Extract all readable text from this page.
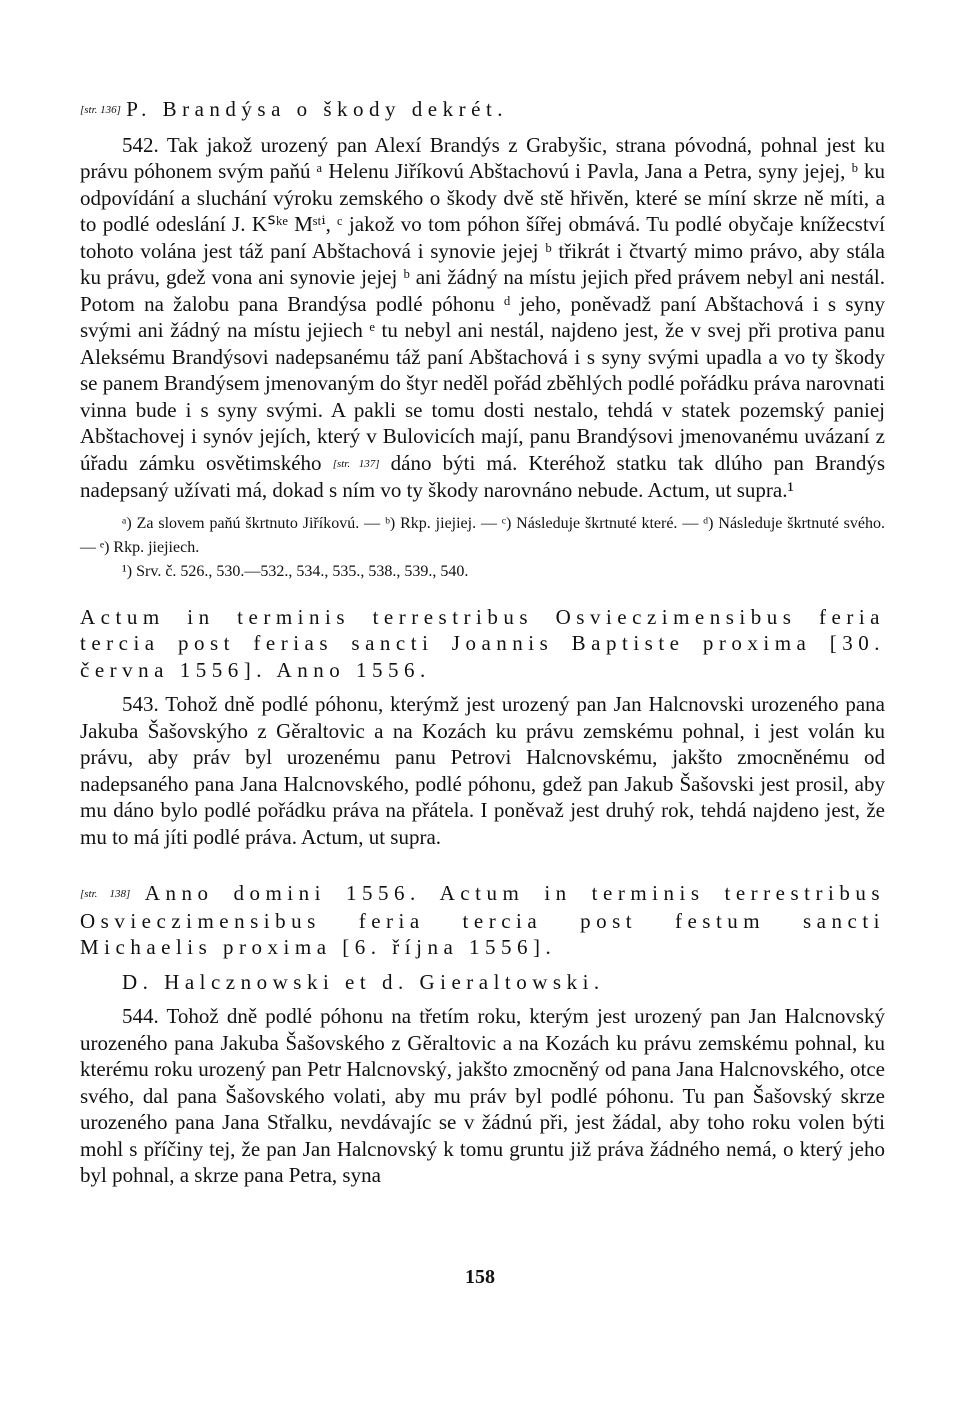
[str. 136] P. Brandýsa o škody dekrét.

542. Tak jakož urozený pan Alexí Brandýs z Grabyšic, strana póvodná, pohnal jest ku právu póhonem svým paňú ᵃ Helenu Jiříkovú Abštachovú i Pavla, Jana a Petra, syny jejej, ᵇ ku odpovídání a sluchání výroku zemského o škody dvě stě hřivěn, které se míní skrze ně míti, a to podlé odeslání J. Kᔆᵏᵉ Mˢᵗⁱ, ᶜ jakož vo tom póhon šířej obmává. Tu podlé obyčaje knížecství tohoto volána jest táž paní Abštachová i synovie jejej ᵇ třikrát i čtvartý mimo právo, aby stála ku právu, gdež vona ani synovie jejej ᵇ ani žádný na místu jejich před právem nebyl ani nestál. Potom na žalobu pana Brandýsa podlé póhonu ᵈ jeho, poněvadž paní Abštachová i s syny svými ani žádný na místu jejiech ᵉ tu nebyl ani nestál, najdeno jest, že v svej při protiva panu Aleksému Brandýsovi nadepsanému táž paní Abštachová i s syny svými upadla a vo ty škody se panem Brandýsem jmenovaným do štyr neděl pořád zběhlých podlé pořádku práva narovnati vinna bude i s syny svými. A pakli se tomu dosti nestalo, tehdá v statek pozemský paniej Abštachovej i synóv jejích, který v Bulovicích mají, panu Brandýsovi jmenovanému uvázaní z úřadu zámku osvětimského [str. 137] dáno býti má. Kteréhož statku tak dlúho pan Brandýs nadepsaný užívati má, dokad s ním vo ty škody narovnáno nebude. Actum, ut supra.¹

ᵃ) Za slovem paňú škrtnuto Jiříkovú. — ᵇ) Rkp. jiejiej. — ᶜ) Následuje škrtnuté které. — ᵈ) Následuje škrtnuté svého. — ᵉ) Rkp. jiejiech.

¹) Srv. č. 526., 530.—532., 534., 535., 538., 539., 540.

Actum in terminis terrestribus Osvieczimensibus feria tercia post ferias sancti Joannis Baptiste proxima [30. června 1556]. Anno 1556.

543. Tohož dně podlé póhonu, kterýmž jest urozený pan Jan Halcnovski urozeného pana Jakuba Šašovskýho z Gěraltovic a na Kozách ku právu zemskému pohnal, i jest volán ku právu, aby práv byl urozenému panu Petrovi Halcnovskému, jakšto zmocněnému od nadepsaného pana Jana Halcnovského, podlé póhonu, gdež pan Jakub Šašovski jest prosil, aby mu dáno bylo podlé pořádku práva na přátela. I poněvaž jest druhý rok, tehdá najdeno jest, že mu to má jíti podlé práva. Actum, ut supra.

[str. 138] Anno domini 1556. Actum in terminis terrestribus Osvieczimensibus feria tercia post festum sancti Michaelis proxima [6. října 1556].

D. Halcznowski et d. Gieraltowski.

544. Tohož dně podlé póhonu na třetím roku, kterým jest urozený pan Jan Halcnovský urozeného pana Jakuba Šašovského z Gěraltovic a na Kozách ku právu zemskému pohnal, ku kterému roku urozený pan Petr Halcnovský, jakšto zmocněný od pana Jana Halcnovského, otce svého, dal pana Šašovského volati, aby mu práv byl podlé póhonu. Tu pan Šašovský skrze urozeného pana Jana Střalku, nevdávajíc se v žádnú při, jest žádal, aby toho roku volen býti mohl s příčiny tej, že pan Jan Halcnovský k tomu gruntu již práva žádného nemá, o který jeho byl pohnal, a skrze pana Petra, syna

158
